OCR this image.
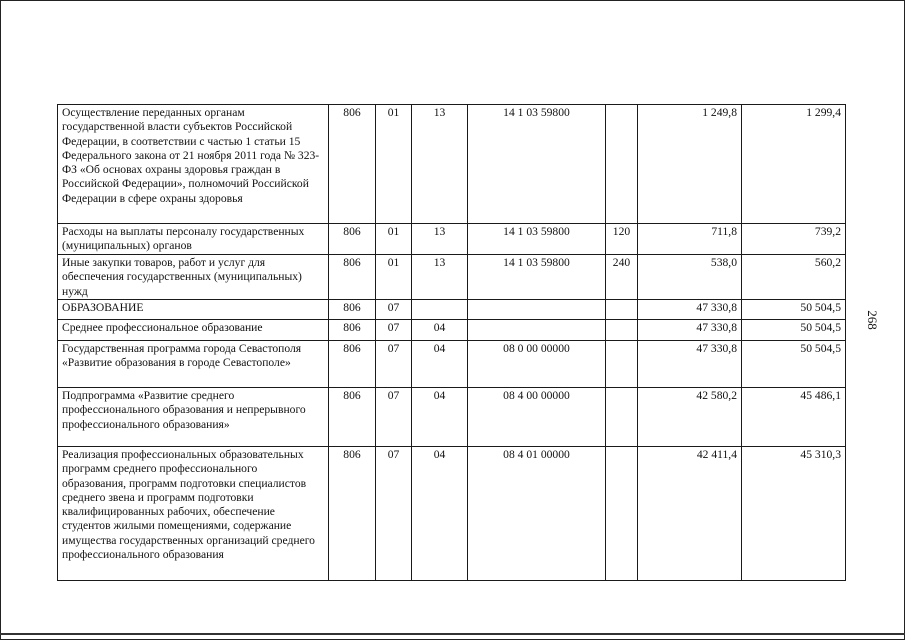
Осуществление переданных органам государственной власти субъектов Российской Федерации, в соответствии с частью 1 статьи 15 Федерального закона от 21 ноября 2011 года № 323-ФЗ «Об основах охраны здоровья граждан в Российской Федерации», полномочий Российской Федерации в сфере охраны здоровья	806	01	13	14 1 03 59800		1 249,8	1 299,4
Расходы на выплаты персоналу государственных (муниципальных) органов	806	01	13	14 1 03 59800	120	711,8	739,2
Иные закупки товаров, работ и услуг для обеспечения государственных (муниципальных) нужд	806	01	13	14 1 03 59800	240	538,0	560,2
ОБРАЗОВАНИЕ	806	07				47 330,8	50 504,5
Среднее профессиональное образование	806	07	04			47 330,8	50 504,5
Государственная программа города Севастополя «Развитие образования в городе Севастополе»	806	07	04	08 0 00 00000		47 330,8	50 504,5
Подпрограмма «Развитие среднего профессионального образования и непрерывного профессионального образования»	806	07	04	08 4 00 00000		42 580,2	45 486,1
Реализация профессиональных образовательных программ среднего профессионального образования, программ подготовки специалистов среднего звена и программ подготовки квалифицированных рабочих, обеспечение студентов жилыми помещениями, содержание имущества государственных организаций среднего профессионального образования	806	07	04	08 4 01 00000		42 411,4	45 310,3
268
